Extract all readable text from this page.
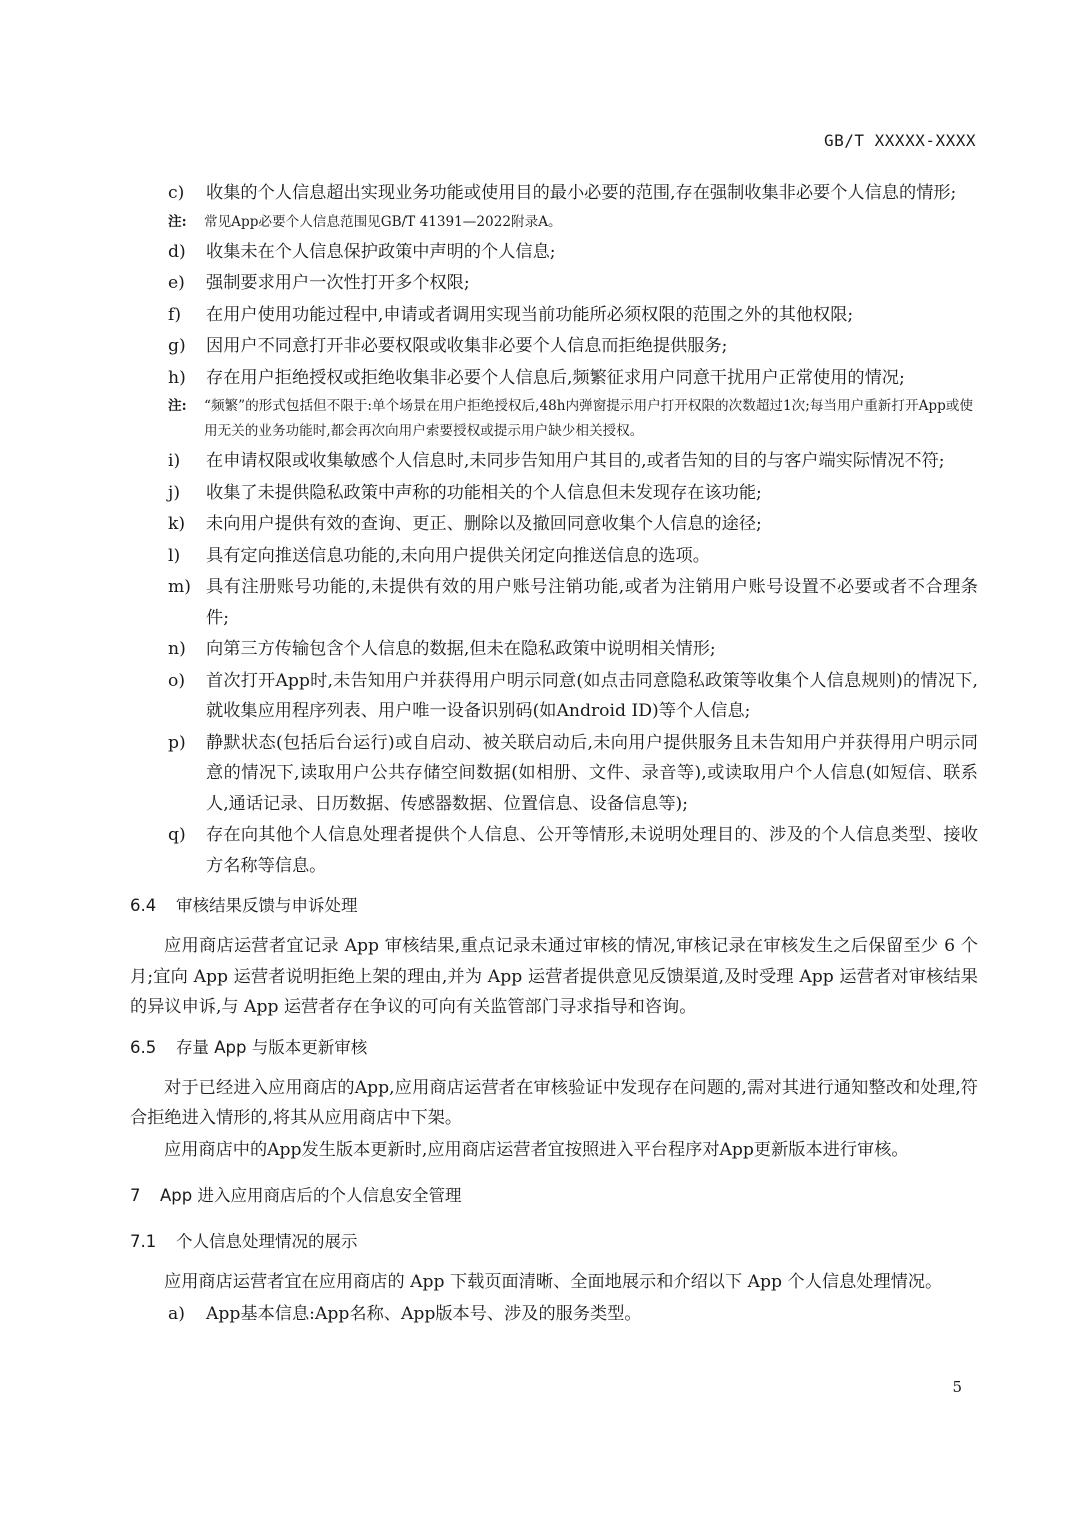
GB/T XXXXX-XXXX
c) 收集的个人信息超出实现业务功能或使用目的最小必要的范围,存在强制收集非必要个人信息的情形;
注:	常见App必要个人信息范围见GB/T 41391—2022附录A。
d) 收集未在个人信息保护政策中声明的个人信息;
e) 强制要求用户一次性打开多个权限;
f) 在用户使用功能过程中,申请或者调用实现当前功能所必须权限的范围之外的其他权限;
g) 因用户不同意打开非必要权限或收集非必要个人信息而拒绝提供服务;
h) 存在用户拒绝授权或拒绝收集非必要个人信息后,频繁征求用户同意干扰用户正常使用的情况;
注:	“频繁”的形式包括但不限于:单个场景在用户拒绝授权后,48h内弹窗提示用户打开权限的次数超过1次;每当用户重新打开App或使用无关的业务功能时,都会再次向用户索要授权或提示用户缺少相关授权。
i) 在申请权限或收集敏感个人信息时,未同步告知用户其目的,或者告知的目的与客户端实际情况不符;
j) 收集了未提供隐私政策中声称的功能相关的个人信息但未发现存在该功能;
k) 未向用户提供有效的查询、更正、删除以及撤回同意收集个人信息的途径;
l) 具有定向推送信息功能的,未向用户提供关闭定向推送信息的选项。
m) 具有注册账号功能的,未提供有效的用户账号注销功能,或者为注销用户账号设置不必要或者不合理条件;
n) 向第三方传输包含个人信息的数据,但未在隐私政策中说明相关情形;
o) 首次打开App时,未告知用户并获得用户明示同意(如点击同意隐私政策等收集个人信息规则)的情况下,就收集应用程序列表、用户唯一设备识别码(如Android ID)等个人信息;
p) 静默状态(包括后台运行)或自启动、被关联启动后,未向用户提供服务且未告知用户并获得用户明示同意的情况下,读取用户公共存储空间数据(如相册、文件、录音等),或读取用户个人信息(如短信、联系人,通话记录、日历数据、传感器数据、位置信息、设备信息等);
q) 存在向其他个人信息处理者提供个人信息、公开等情形,未说明处理目的、涉及的个人信息类型、接收方名称等信息。
6.4 审核结果反馈与申诉处理
应用商店运营者宜记录 App 审核结果,重点记录未通过审核的情况,审核记录在审核发生之后保留至少 6 个月;宜向 App 运营者说明拒绝上架的理由,并为 App 运营者提供意见反馈渠道,及时受理 App 运营者对审核结果的异议申诉,与 App 运营者存在争议的可向有关监管部门寻求指导和咨询。
6.5 存量 App 与版本更新审核
对于已经进入应用商店的App,应用商店运营者在审核验证中发现存在问题的,需对其进行通知整改和处理,符合拒绝进入情形的,将其从应用商店中下架。
应用商店中的App发生版本更新时,应用商店运营者宜按照进入平台程序对App更新版本进行审核。
7 App 进入应用商店后的个人信息安全管理
7.1 个人信息处理情况的展示
应用商店运营者宜在应用商店的 App 下载页面清晰、全面地展示和介绍以下 App 个人信息处理情况。
a) App基本信息:App名称、App版本号、涉及的服务类型。
5
